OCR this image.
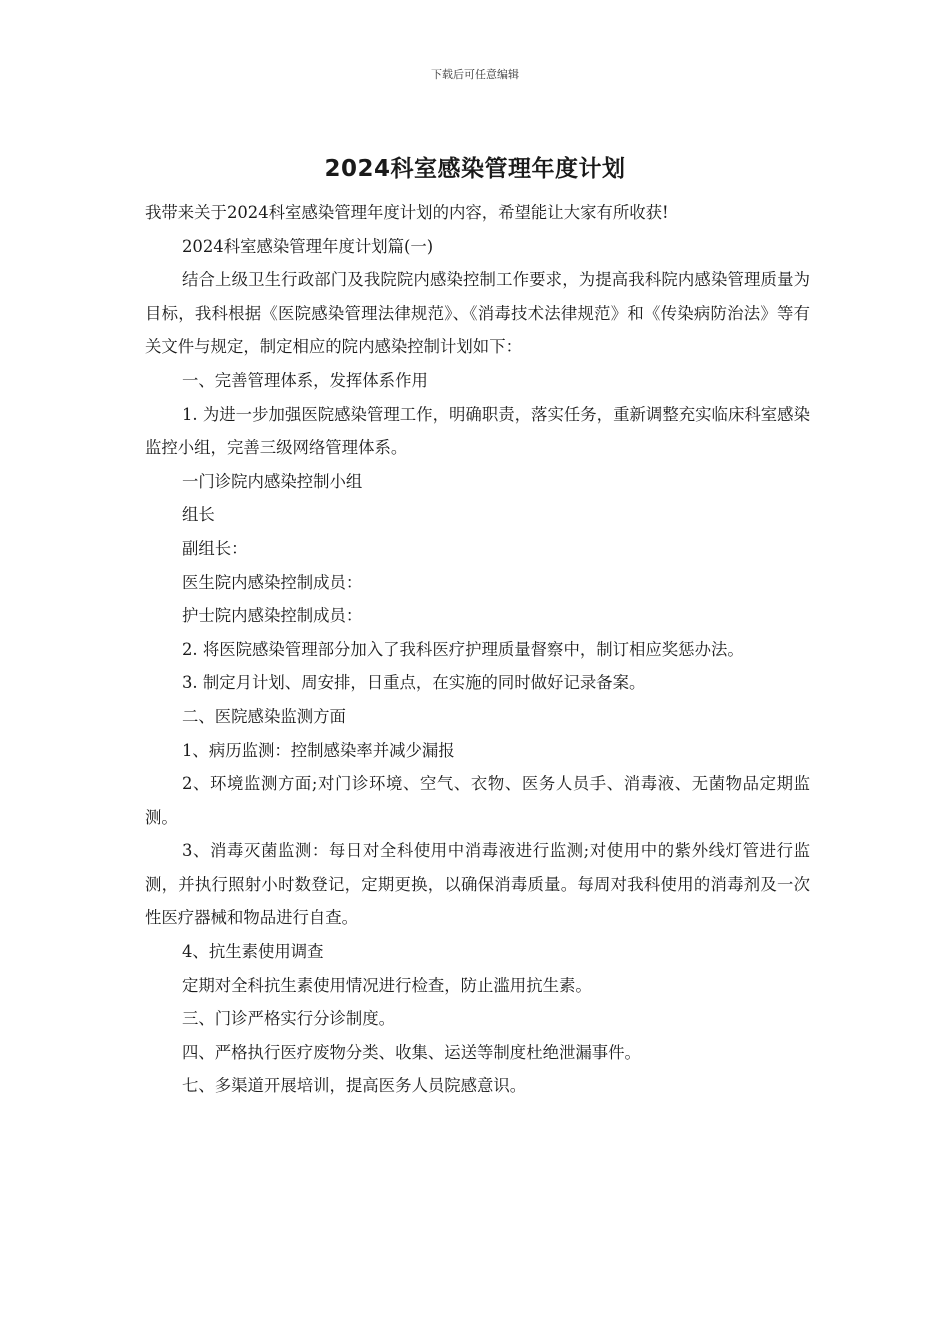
下载后可任意编辑
2024科室感染管理年度计划

我带来关于2024科室感染管理年度计划的内容，希望能让大家有所收获!

2024科室感染管理年度计划篇(一)

结合上级卫生行政部门及我院院内感染控制工作要求，为提高我科院内感染管理质量为目标，我科根据《医院感染管理法律规范》、《消毒技术法律规范》和《传染病防治法》等有关文件与规定，制定相应的院内感染控制计划如下：

一、完善管理体系，发挥体系作用

1. 为进一步加强医院感染管理工作，明确职责，落实任务，重新调整充实临床科室感染监控小组，完善三级网络管理体系。

一门诊院内感染控制小组

组长

副组长：

医生院内感染控制成员：

护士院内感染控制成员：

2. 将医院感染管理部分加入了我科医疗护理质量督察中，制订相应奖惩办法。

3. 制定月计划、周安排，日重点，在实施的同时做好记录备案。

二、医院感染监测方面

1、病历监测：控制感染率并减少漏报

2、环境监测方面;对门诊环境、空气、衣物、医务人员手、消毒液、无菌物品定期监测。

3、消毒灭菌监测：每日对全科使用中消毒液进行监测;对使用中的紫外线灯管进行监测，并执行照射小时数登记，定期更换，以确保消毒质量。每周对我科使用的消毒剂及一次性医疗器械和物品进行自查。

4、抗生素使用调查

定期对全科抗生素使用情况进行检查，防止滥用抗生素。

三、门诊严格实行分诊制度。

四、严格执行医疗废物分类、收集、运送等制度杜绝泄漏事件。

七、多渠道开展培训，提高医务人员院感意识。
